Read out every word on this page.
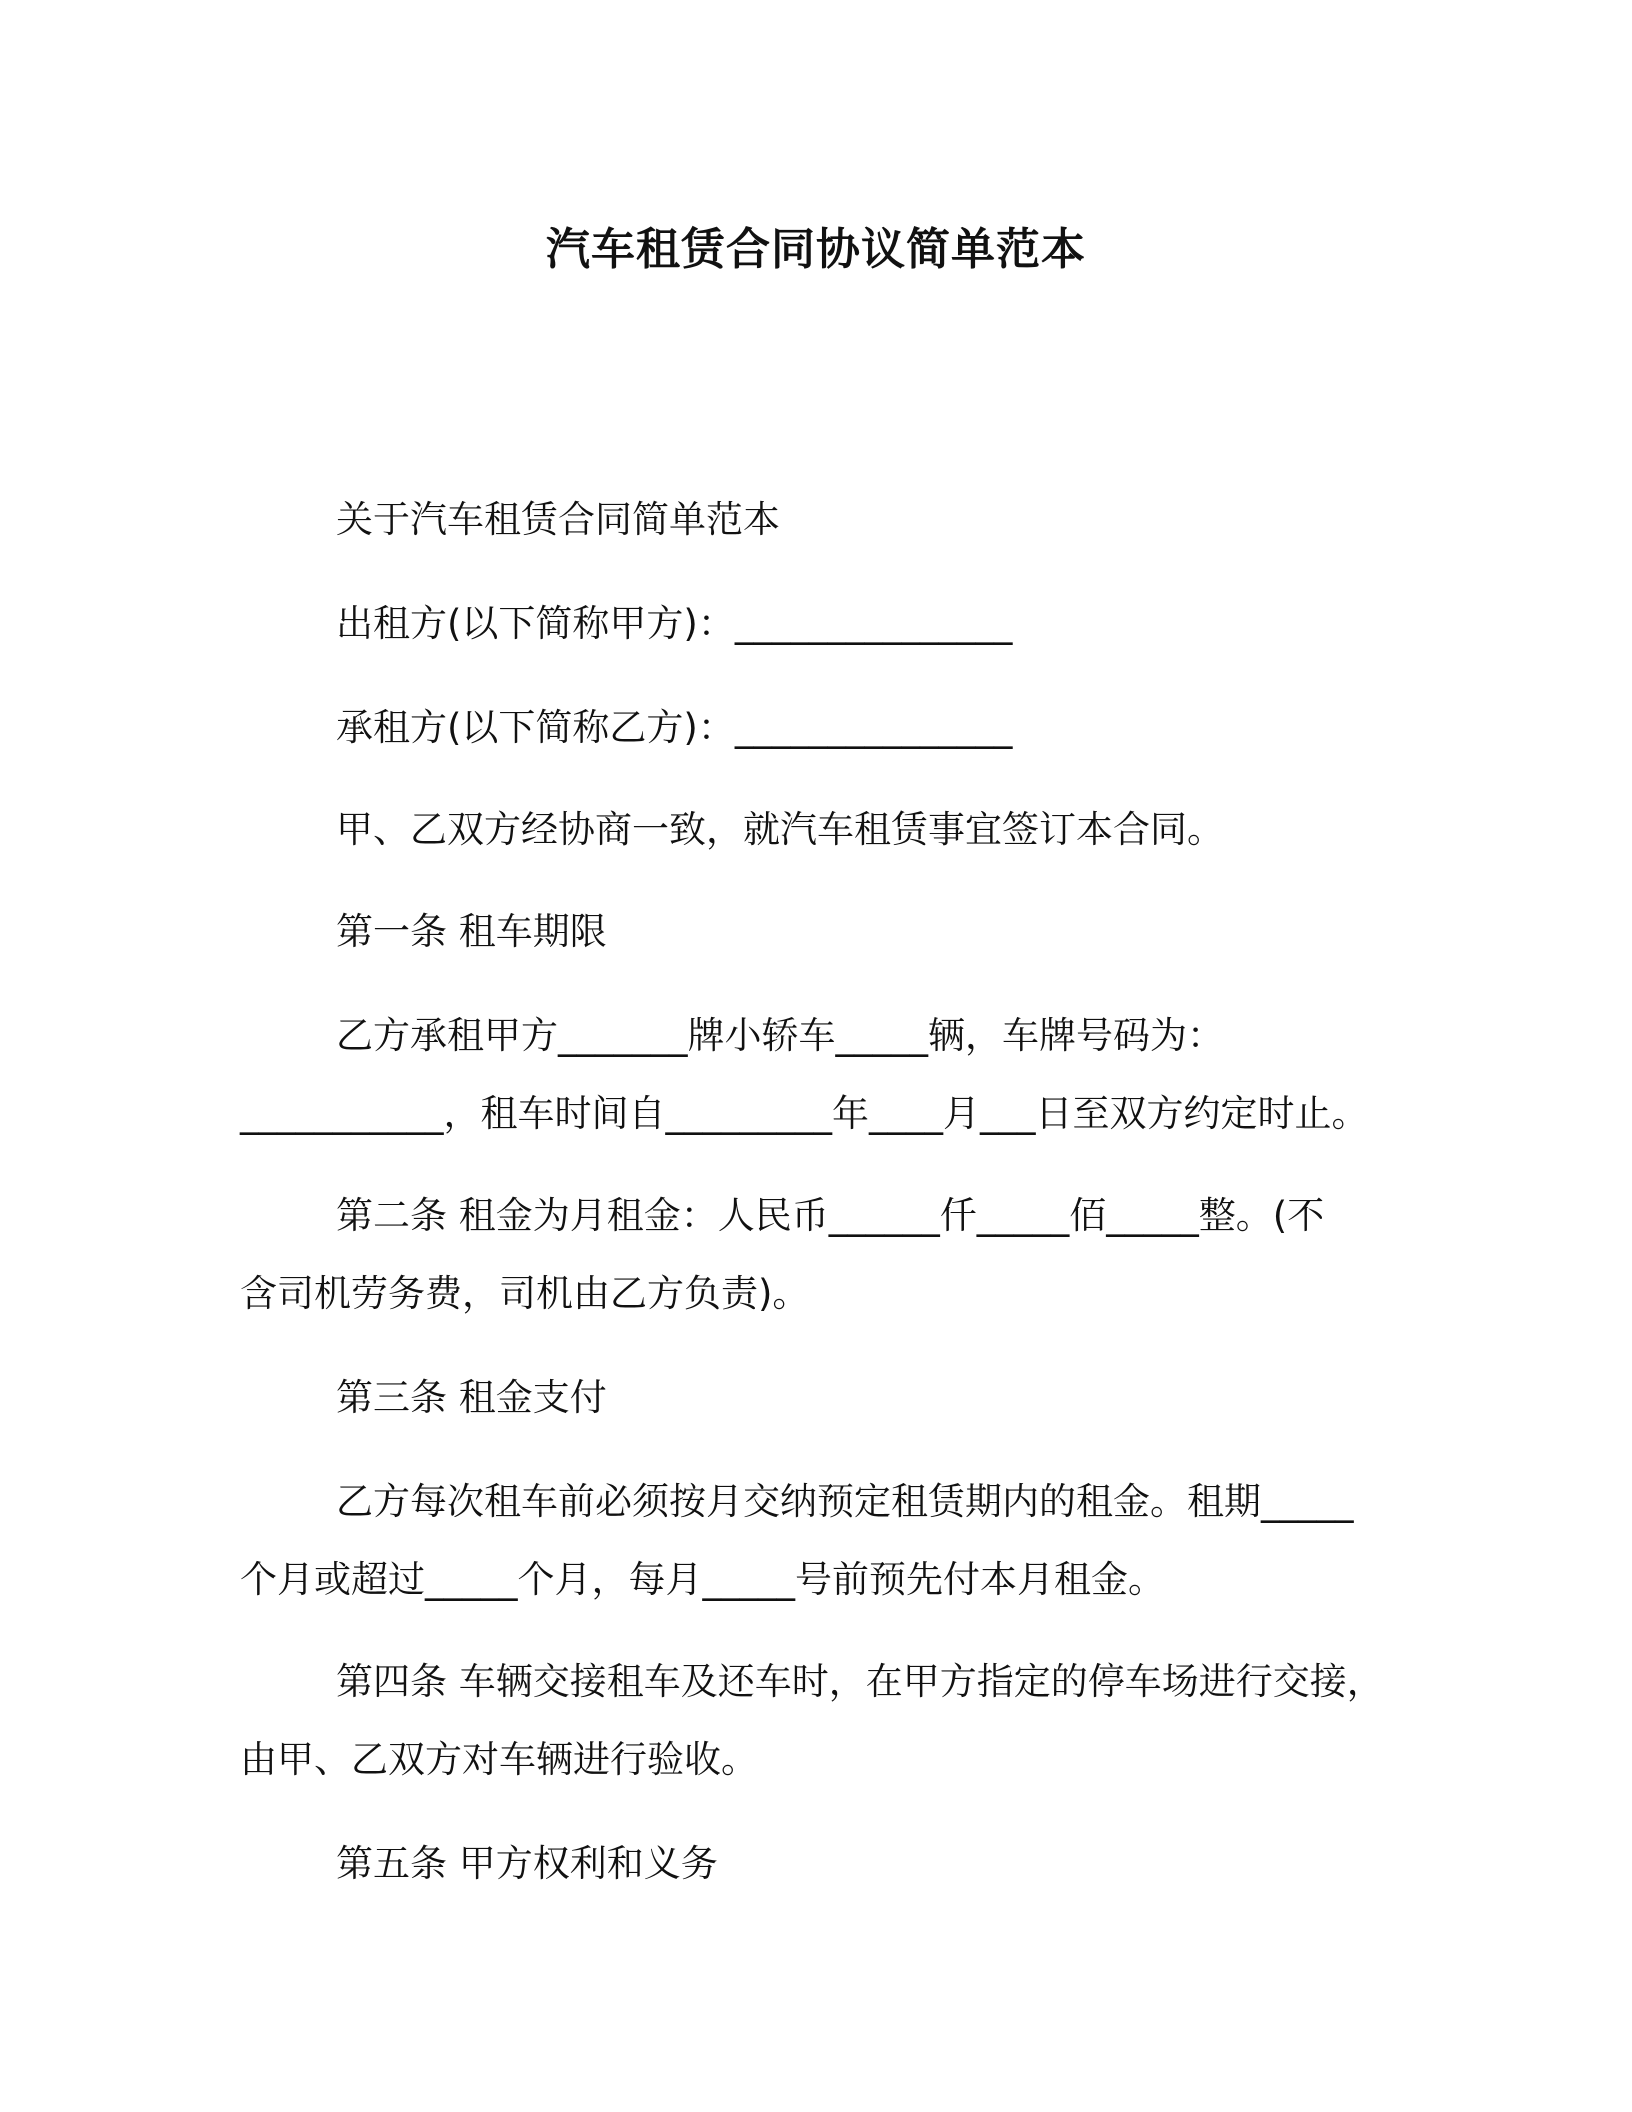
汽车租赁合同协议简单范本
关于汽车租赁合同简单范本
出租方(以下简称甲方)：_______________
承租方(以下简称乙方)：_______________
甲、乙双方经协商一致，就汽车租赁事宜签订本合同。
第一条 租车期限
乙方承租甲方_______牌小轿车_____辆，车牌号码为：
___________，租车时间自_________年____月___日至双方约定时止。
第二条 租金为月租金：人民币______仟_____佰_____整。(不
含司机劳务费，司机由乙方负责)。
第三条 租金支付
乙方每次租车前必须按月交纳预定租赁期内的租金。租期_____
个月或超过_____个月，每月_____号前预先付本月租金。
第四条 车辆交接租车及还车时，在甲方指定的停车场进行交接，
由甲、乙双方对车辆进行验收。
第五条 甲方权利和义务
